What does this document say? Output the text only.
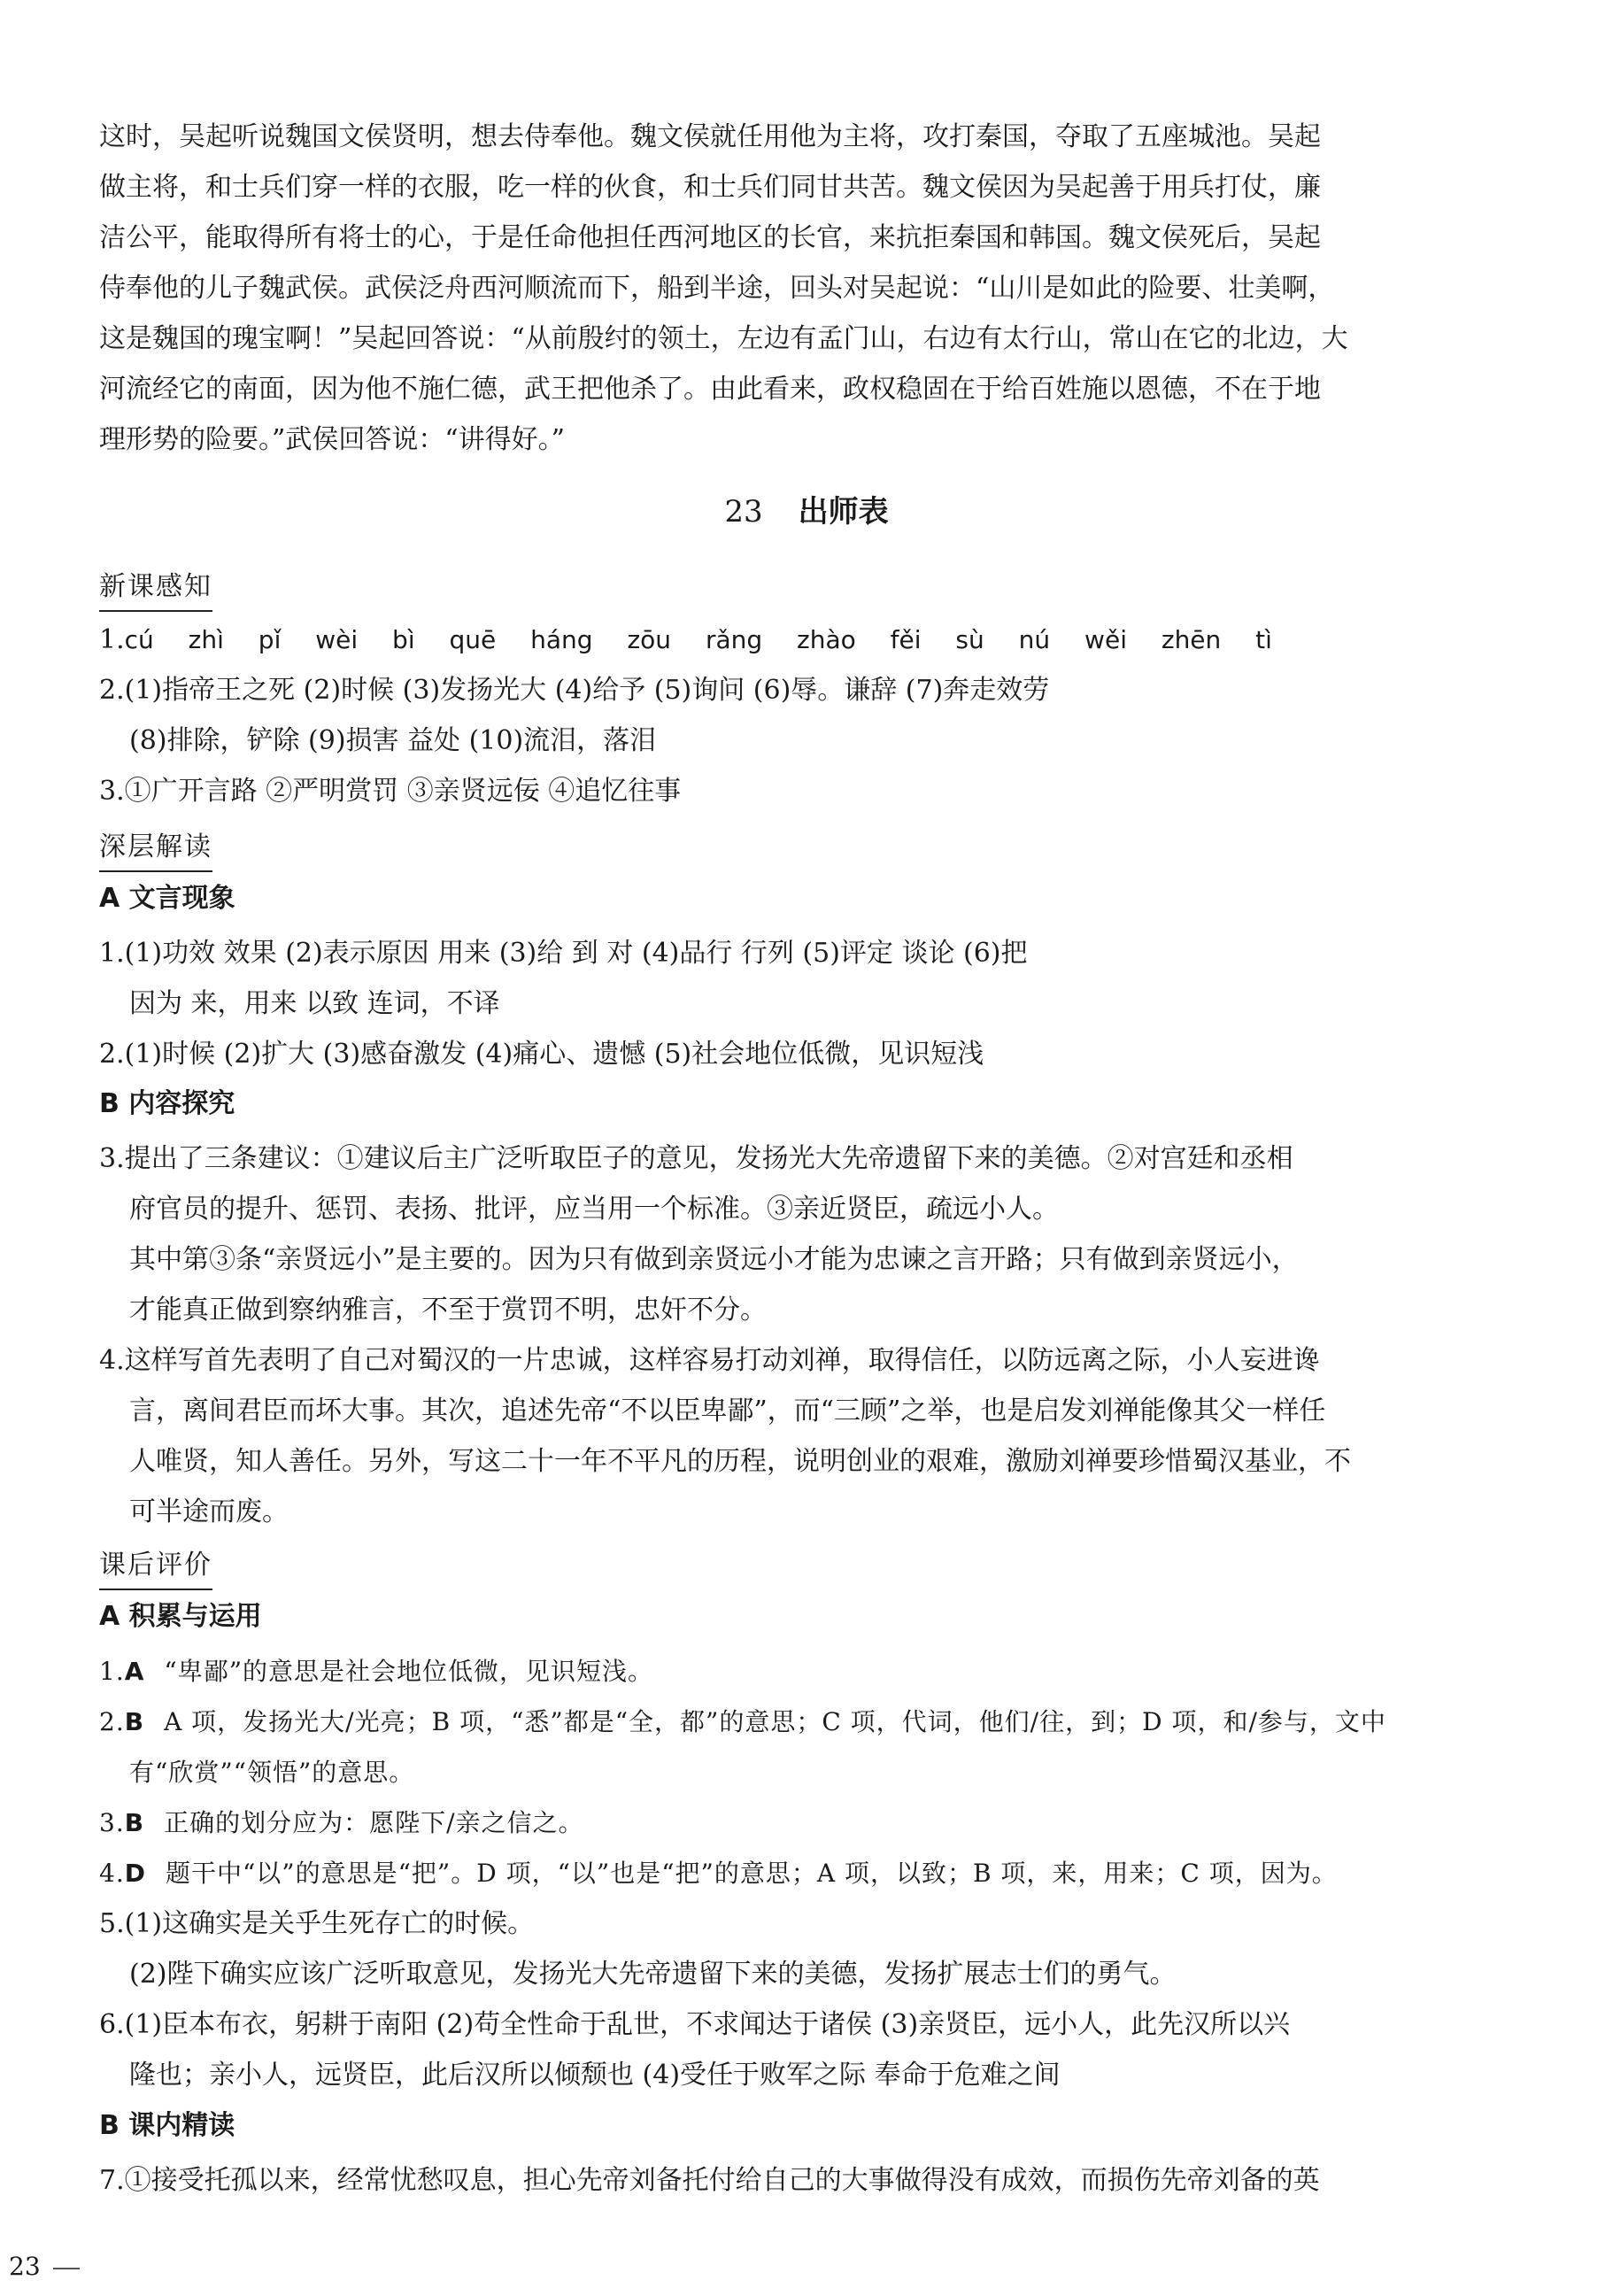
这时，吴起听说魏国文侯贤明，想去侍奉他。魏文侯就任用他为主将，攻打秦国，夺取了五座城池。吴起
做主将，和士兵们穿一样的衣服，吃一样的伙食，和士兵们同甘共苦。魏文侯因为吴起善于用兵打仗，廉
洁公平，能取得所有将士的心，于是任命他担任西河地区的长官，来抗拒秦国和韩国。魏文侯死后，吴起
侍奉他的儿子魏武侯。武侯泛舟西河顺流而下，船到半途，回头对吴起说：“山川是如此的险要、壮美啊，
这是魏国的瑰宝啊！”吴起回答说：“从前殷纣的领土，左边有孟门山，右边有太行山，常山在它的北边，大
河流经它的南面，因为他不施仁德，武王把他杀了。由此看来，政权稳固在于给百姓施以恩德，不在于地
理形势的险要。”武侯回答说：“讲得好。”
23 出师表
新课感知
1.cú zhì pǐ wèi bì quē háng zōu rǎng zhào fěi sù nú wěi zhēn tì
2.(1)指帝王之死 (2)时候 (3)发扬光大 (4)给予 (5)询问 (6)辱。谦辞 (7)奔走效劳
(8)排除，铲除 (9)损害 益处 (10)流泪，落泪
3.①广开言路 ②严明赏罚 ③亲贤远佞 ④追忆往事
深层解读
A 文言现象
1.(1)功效 效果 (2)表示原因 用来 (3)给 到 对 (4)品行 行列 (5)评定 谈论 (6)把
因为 来，用来 以致 连词，不译
2.(1)时候 (2)扩大 (3)感奋激发 (4)痛心、遗憾 (5)社会地位低微，见识短浅
B 内容探究
3.提出了三条建议：①建议后主广泛听取臣子的意见，发扬光大先帝遗留下来的美德。②对宫廷和丞相
府官员的提升、惩罚、表扬、批评，应当用一个标准。③亲近贤臣，疏远小人。
其中第③条“亲贤远小”是主要的。因为只有做到亲贤远小才能为忠谏之言开路；只有做到亲贤远小，
才能真正做到察纳雅言，不至于赏罚不明，忠奸不分。
4.这样写首先表明了自己对蜀汉的一片忠诚，这样容易打动刘禅，取得信任，以防远离之际，小人妄进谗
言，离间君臣而坏大事。其次，追述先帝“不以臣卑鄙”，而“三顾”之举，也是启发刘禅能像其父一样任
人唯贤，知人善任。另外，写这二十一年不平凡的历程，说明创业的艰难，激励刘禅要珍惜蜀汉基业，不
可半途而废。
课后评价
A 积累与运用
1.A “卑鄙”的意思是社会地位低微，见识短浅。
2.B A 项，发扬光大/光亮；B 项，“悉”都是“全，都”的意思；C 项，代词，他们/往，到；D 项，和/参与，文中
有“欣赏”“领悟”的意思。
3.B 正确的划分应为：愿陛下/亲之信之。
4.D 题干中“以”的意思是“把”。D 项，“以”也是“把”的意思；A 项，以致；B 项，来，用来；C 项，因为。
5.(1)这确实是关乎生死存亡的时候。
(2)陛下确实应该广泛听取意见，发扬光大先帝遗留下来的美德，发扬扩展志士们的勇气。
6.(1)臣本布衣，躬耕于南阳 (2)苟全性命于乱世，不求闻达于诸侯 (3)亲贤臣，远小人，此先汉所以兴
隆也；亲小人，远贤臣，此后汉所以倾颓也 (4)受任于败军之际 奉命于危难之间
B 课内精读
7.①接受托孤以来，经常忧愁叹息，担心先帝刘备托付给自己的大事做得没有成效，而损伤先帝刘备的英
23
